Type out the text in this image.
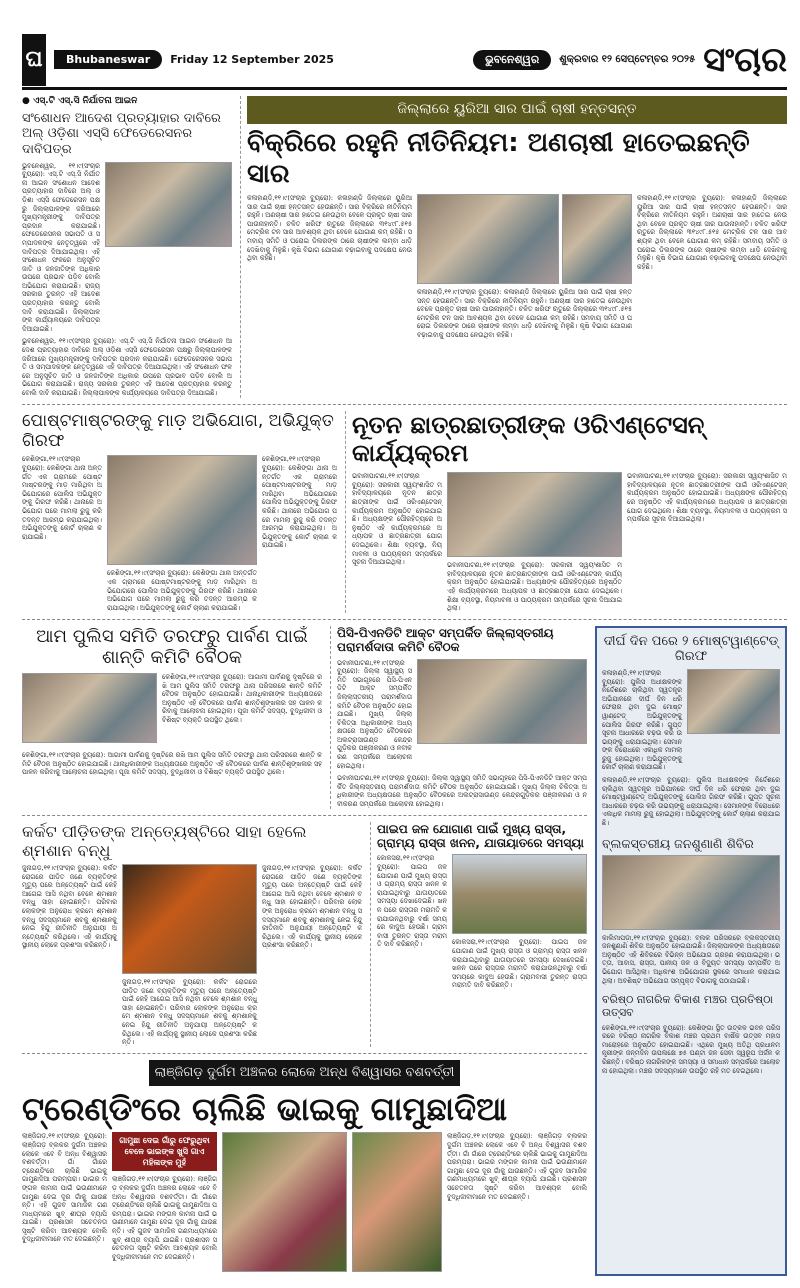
ଘ	Bhubaneswar	Friday 12 September 2025	ଭୁବନେଶ୍ୱର	ଶୁକ୍ରବାର ୧୨ ସେପ୍ଟେମ୍ବର ୨୦୨୫ ସଂଚାର
● ଏସ୍.ଟି ଏସ୍.ସି ନିର୍ଯାତନା ଆଇନ
ସଂଶୋଧନ ଆଦେଶ ପ୍ରତ୍ୟାହାର ଦାବିରେ ଅଲ୍ ଓଡ଼ିଶା ଏସ୍‌ସି ଫେଡେରେସନର ଦାବିପତ୍ର
ଭୁବନେଶ୍ୱର, ୧୧।୯(ସଂଚାର ବ୍ୟୁରୋ): ଏସ୍.ଟି ଏସ୍.ସି ନିର୍ଯାତନା ଆଇନ ସଂଶୋଧନ ଆଦେଶ ପ୍ରତ୍ୟାହାର ଦାବିରେ ଅଲ୍ ଓଡ଼ିଶା ଏସ୍‌ସି ଫେଡେରେସନ ପକ୍ଷରୁ ଜିଲ୍ଲାପାଳଙ୍କ ଜରିଆରେ ମୁଖ୍ୟମନ୍ତ୍ରୀଙ୍କୁ ଦାବିପତ୍ର ପ୍ରଦାନ କରାଯାଇଛି। ଫେଡେରେସନର ସଭାପତି ଓ ସମ୍ପାଦକଙ୍କ ନେତୃତ୍ୱରେ ଏହି ଦାବିପତ୍ର ଦିଆଯାଇଥିଲା। ଏହି ସଂଶୋଧନ ଫଳରେ ଅନୁସୂଚିତ ଜାତି ଓ ଜନଜାତିଙ୍କ ଅଧିକାର ଉପରେ ପ୍ରଭାବ ପଡ଼ିବ ବୋଲି ଅଭିଯୋଗ କରାଯାଇଛି। ରାଜ୍ୟ ସରକାର ତୁରନ୍ତ ଏହି ଆଦେଶ ପ୍ରତ୍ୟାହାର କରନ୍ତୁ ବୋଲି ଦାବି କରାଯାଇଛି। ଜିଲ୍ଲାପାଳଙ୍କ କାର୍ଯ୍ୟାଳୟରେ ଦାବିପତ୍ର ଦିଆଯାଇଛି।
ଭୁବନେଶ୍ୱର, ୧୧।୯(ସଂଚାର ବ୍ୟୁରୋ): ଏସ୍.ଟି ଏସ୍.ସି ନିର୍ଯାତନା ଆଇନ ସଂଶୋଧନ ଆଦେଶ ପ୍ରତ୍ୟାହାର ଦାବିରେ ଅଲ୍ ଓଡ଼ିଶା ଏସ୍‌ସି ଫେଡେରେସନ ପକ୍ଷରୁ ଜିଲ୍ଲାପାଳଙ୍କ ଜରିଆରେ ମୁଖ୍ୟମନ୍ତ୍ରୀଙ୍କୁ ଦାବିପତ୍ର ପ୍ରଦାନ କରାଯାଇଛି। ଫେଡେରେସନର ସଭାପତି ଓ ସମ୍ପାଦକଙ୍କ ନେତୃତ୍ୱରେ ଏହି ଦାବିପତ୍ର ଦିଆଯାଇଥିଲା। ଏହି ସଂଶୋଧନ ଫଳରେ ଅନୁସୂଚିତ ଜାତି ଓ ଜନଜାତିଙ୍କ ଅଧିକାର ଉପରେ ପ୍ରଭାବ ପଡ଼ିବ ବୋଲି ଅଭିଯୋଗ କରାଯାଇଛି। ରାଜ୍ୟ ସରକାର ତୁରନ୍ତ ଏହି ଆଦେଶ ପ୍ରତ୍ୟାହାର କରନ୍ତୁ ବୋଲି ଦାବି କରାଯାଇଛି। ଜିଲ୍ଲାପାଳଙ୍କ କାର୍ଯ୍ୟାଳୟରେ ଦାବିପତ୍ର ଦିଆଯାଇଛି।
ଜିଲ୍ଲାରେ ୟୁରିଆ ସାର ପାଇଁ ଚାଷୀ ହନ୍ତସନ୍ତ
ବିକ୍ରିରେ ରହୁନି ନୀତିନିୟମ: ଅଣଚାଷୀ ହାତେଇଛନ୍ତି ସାର
କଳାହାଣ୍ଡି,୧୧।୯(ସଂଚାର ବ୍ୟୁରୋ): କଳାହାଣ୍ଡି ଜିଲ୍ଲାରେ ୟୁରିଆ ସାର ପାଇଁ ଚାଷୀ ହନ୍ତସନ୍ତ ହେଉଛନ୍ତି। ସାର ବିକ୍ରିରେ ନୀତିନିୟମ ରହୁନି। ଅଣଚାଷୀ ସାର ହାତେଇ ନେଉଥିବା ବେଳେ ପ୍ରକୃତ ଚାଷୀ ସାର ପାଉନାହାନ୍ତି। ଚଳିତ ଖରିଫ ଋତୁରେ ଜିଲ୍ଲାରେ ୩୧୪୯୮.୫୧୫ ମେଟ୍ରିକ ଟନ ସାର ଆବଶ୍ୟକ ଥିବା ବେଳେ ଯୋଗାଣ କମ୍ ରହିଛି। ସମବାୟ ସମିତି ଓ ଘରୋଇ ଡିଲରଙ୍କ ଠାରେ ଚାଷୀଙ୍କ ଲମ୍ବା ଧାଡ଼ି ଦେଖିବାକୁ ମିଳୁଛି। କୃଷି ବିଭାଗ ଯୋଗାଣ ବଢ଼ାଇବାକୁ ପଦକ୍ଷେପ ନେଉଥିବା କହିଛି।
କଳାହାଣ୍ଡି,୧୧।୯(ସଂଚାର ବ୍ୟୁରୋ): କଳାହାଣ୍ଡି ଜିଲ୍ଲାରେ ୟୁରିଆ ସାର ପାଇଁ ଚାଷୀ ହନ୍ତସନ୍ତ ହେଉଛନ୍ତି। ସାର ବିକ୍ରିରେ ନୀତିନିୟମ ରହୁନି। ଅଣଚାଷୀ ସାର ହାତେଇ ନେଉଥିବା ବେଳେ ପ୍ରକୃତ ଚାଷୀ ସାର ପାଉନାହାନ୍ତି। ଚଳିତ ଖରିଫ ଋତୁରେ ଜିଲ୍ଲାରେ ୩୧୪୯୮.୫୧୫ ମେଟ୍ରିକ ଟନ ସାର ଆବଶ୍ୟକ ଥିବା ବେଳେ ଯୋଗାଣ କମ୍ ରହିଛି। ସମବାୟ ସମିତି ଓ ଘରୋଇ ଡିଲରଙ୍କ ଠାରେ ଚାଷୀଙ୍କ ଲମ୍ବା ଧାଡ଼ି ଦେଖିବାକୁ ମିଳୁଛି। କୃଷି ବିଭାଗ ଯୋଗାଣ ବଢ଼ାଇବାକୁ ପଦକ୍ଷେପ ନେଉଥିବା କହିଛି।
କଳାହାଣ୍ଡି,୧୧।୯(ସଂଚାର ବ୍ୟୁରୋ): କଳାହାଣ୍ଡି ଜିଲ୍ଲାରେ ୟୁରିଆ ସାର ପାଇଁ ଚାଷୀ ହନ୍ତସନ୍ତ ହେଉଛନ୍ତି। ସାର ବିକ୍ରିରେ ନୀତିନିୟମ ରହୁନି। ଅଣଚାଷୀ ସାର ହାତେଇ ନେଉଥିବା ବେଳେ ପ୍ରକୃତ ଚାଷୀ ସାର ପାଉନାହାନ୍ତି। ଚଳିତ ଖରିଫ ଋତୁରେ ଜିଲ୍ଲାରେ ୩୧୪୯୮.୫୧୫ ମେଟ୍ରିକ ଟନ ସାର ଆବଶ୍ୟକ ଥିବା ବେଳେ ଯୋଗାଣ କମ୍ ରହିଛି। ସମବାୟ ସମିତି ଓ ଘରୋଇ ଡିଲରଙ୍କ ଠାରେ ଚାଷୀଙ୍କ ଲମ୍ବା ଧାଡ଼ି ଦେଖିବାକୁ ମିଳୁଛି। କୃଷି ବିଭାଗ ଯୋଗାଣ ବଢ଼ାଇବାକୁ ପଦକ୍ଷେପ ନେଉଥିବା କହିଛି।
ପୋଷ୍ଟମାଷ୍ଟରଙ୍କୁ ମାଡ଼ ଅଭିଯୋଗ, ଅଭିଯୁକ୍ତ ଗିରଫ
କେଶିଙ୍ଗା,୧୧।୯(ସଂଚାର ବ୍ୟୁରୋ): କେଶିଙ୍ଗା ଥାନା ଅନ୍ତର୍ଗତ ଏକ ଗ୍ରାମରେ ପୋଷ୍ଟମାଷ୍ଟରଙ୍କୁ ମାଡ଼ ମାରିଥିବା ଅଭିଯୋଗରେ ପୋଲିସ ଅଭିଯୁକ୍ତଙ୍କୁ ଗିରଫ କରିଛି। ଥାନାରେ ଅଭିଯୋଗ ପରେ ମାମଲା ରୁଜୁ କରି ତଦନ୍ତ ଆରମ୍ଭ କରାଯାଇଥିଲା। ଅଭିଯୁକ୍ତଙ୍କୁ କୋର୍ଟ ଚାଲାଣ କରାଯାଇଛି।
କେଶିଙ୍ଗା,୧୧।୯(ସଂଚାର ବ୍ୟୁରୋ): କେଶିଙ୍ଗା ଥାନା ଅନ୍ତର୍ଗତ ଏକ ଗ୍ରାମରେ ପୋଷ୍ଟମାଷ୍ଟରଙ୍କୁ ମାଡ଼ ମାରିଥିବା ଅଭିଯୋଗରେ ପୋଲିସ ଅଭିଯୁକ୍ତଙ୍କୁ ଗିରଫ କରିଛି। ଥାନାରେ ଅଭିଯୋଗ ପରେ ମାମଲା ରୁଜୁ କରି ତଦନ୍ତ ଆରମ୍ଭ କରାଯାଇଥିଲା। ଅଭିଯୁକ୍ତଙ୍କୁ କୋର୍ଟ ଚାଲାଣ କରାଯାଇଛି।
କେଶିଙ୍ଗା,୧୧।୯(ସଂଚାର ବ୍ୟୁରୋ): କେଶିଙ୍ଗା ଥାନା ଅନ୍ତର୍ଗତ ଏକ ଗ୍ରାମରେ ପୋଷ୍ଟମାଷ୍ଟରଙ୍କୁ ମାଡ଼ ମାରିଥିବା ଅଭିଯୋଗରେ ପୋଲିସ ଅଭିଯୁକ୍ତଙ୍କୁ ଗିରଫ କରିଛି। ଥାନାରେ ଅଭିଯୋଗ ପରେ ମାମଲା ରୁଜୁ କରି ତଦନ୍ତ ଆରମ୍ଭ କରାଯାଇଥିଲା। ଅଭିଯୁକ୍ତଙ୍କୁ କୋର୍ଟ ଚାଲାଣ କରାଯାଇଛି।
ନୂତନ ଛାତ୍ରଛାତ୍ରୀଙ୍କ ଓରିଏଣ୍ଟେସନ୍ କାର୍ଯ୍ୟକ୍ରମ
ଭବାନୀପାଟଣା,୧୧।୯(ସଂଚାର ବ୍ୟୁରୋ): ସରକାରୀ ସ୍ୱୟଂଶାସିତ ମହାବିଦ୍ୟାଳୟରେ ନୂତନ ଛାତ୍ରଛାତ୍ରୀଙ୍କ ପାଇଁ ଓରିଏଣ୍ଟେସନ୍ କାର୍ଯ୍ୟକ୍ରମ ଅନୁଷ୍ଠିତ ହୋଇଯାଇଛି। ଅଧ୍ୟକ୍ଷଙ୍କ ପୌରହିତ୍ୟରେ ଅନୁଷ୍ଠିତ ଏହି କାର୍ଯ୍ୟକ୍ରମରେ ଅଧ୍ୟାପକ ଓ ଛାତ୍ରଛାତ୍ରୀ ଯୋଗ ଦେଇଥିଲେ। ଶିକ୍ଷା ବ୍ୟବସ୍ଥା, ନିୟମାବଳୀ ଓ ପାଠ୍ୟକ୍ରମ ସମ୍ପର୍କରେ ସୂଚନା ଦିଆଯାଇଥିଲା।	ଭବାନୀପାଟଣା,୧୧।୯(ସଂଚାର ବ୍ୟୁରୋ): ସରକାରୀ ସ୍ୱୟଂଶାସିତ ମହାବିଦ୍ୟାଳୟରେ ନୂତନ ଛାତ୍ରଛାତ୍ରୀଙ୍କ ପାଇଁ ଓରିଏଣ୍ଟେସନ୍ କାର୍ଯ୍ୟକ୍ରମ ଅନୁଷ୍ଠିତ ହୋଇଯାଇଛି। ଅଧ୍ୟକ୍ଷଙ୍କ ପୌରହିତ୍ୟରେ ଅନୁଷ୍ଠିତ ଏହି କାର୍ଯ୍ୟକ୍ରମରେ ଅଧ୍ୟାପକ ଓ ଛାତ୍ରଛାତ୍ରୀ ଯୋଗ ଦେଇଥିଲେ। ଶିକ୍ଷା ବ୍ୟବସ୍ଥା, ନିୟମାବଳୀ ଓ ପାଠ୍ୟକ୍ରମ ସମ୍ପର୍କରେ ସୂଚନା ଦିଆଯାଇଥିଲା।
ଭବାନୀପାଟଣା,୧୧।୯(ସଂଚାର ବ୍ୟୁରୋ): ସରକାରୀ ସ୍ୱୟଂଶାସିତ ମହାବିଦ୍ୟାଳୟରେ ନୂତନ ଛାତ୍ରଛାତ୍ରୀଙ୍କ ପାଇଁ ଓରିଏଣ୍ଟେସନ୍ କାର୍ଯ୍ୟକ୍ରମ ଅନୁଷ୍ଠିତ ହୋଇଯାଇଛି। ଅଧ୍ୟକ୍ଷଙ୍କ ପୌରହିତ୍ୟରେ ଅନୁଷ୍ଠିତ ଏହି କାର୍ଯ୍ୟକ୍ରମରେ ଅଧ୍ୟାପକ ଓ ଛାତ୍ରଛାତ୍ରୀ ଯୋଗ ଦେଇଥିଲେ। ଶିକ୍ଷା ବ୍ୟବସ୍ଥା, ନିୟମାବଳୀ ଓ ପାଠ୍ୟକ୍ରମ ସମ୍ପର୍କରେ ସୂଚନା ଦିଆଯାଇଥିଲା।
ଆମ ପୁଲିସ ସମିତି ତରଫରୁ ପାର୍ବଣ ପାଇଁ ଶାନ୍ତି କମିଟି ବୈଠକ
କେଶିଙ୍ଗା,୧୧।୯(ସଂଚାର ବ୍ୟୁରୋ): ଆଗାମୀ ପାର୍ବଣକୁ ଦୃଷ୍ଟିରେ ରଖି ଆମ ପୁଲିସ ସମିତି ତରଫରୁ ଥାନା ପରିସରରେ ଶାନ୍ତି କମିଟି ବୈଠକ ଅନୁଷ୍ଠିତ ହୋଇଯାଇଛି। ଥାନାଧିକାରୀଙ୍କ ଅଧ୍ୟକ୍ଷତାରେ ଅନୁଷ୍ଠିତ ଏହି ବୈଠକରେ ପାର୍ବଣ ଶାନ୍ତିଶୃଙ୍ଖଳାର ସହ ପାଳନ କରିବାକୁ ଆଲୋଚନା ହୋଇଥିଲା। ପୂଜା କମିଟି ସଦସ୍ୟ, ବୁଦ୍ଧିଜୀବୀ ଓ ବିଶିଷ୍ଟ ବ୍ୟକ୍ତି ଉପସ୍ଥିତ ଥିଲେ।
କେଶିଙ୍ଗା,୧୧।୯(ସଂଚାର ବ୍ୟୁରୋ): ଆଗାମୀ ପାର୍ବଣକୁ ଦୃଷ୍ଟିରେ ରଖି ଆମ ପୁଲିସ ସମିତି ତରଫରୁ ଥାନା ପରିସରରେ ଶାନ୍ତି କମିଟି ବୈଠକ ଅନୁଷ୍ଠିତ ହୋଇଯାଇଛି। ଥାନାଧିକାରୀଙ୍କ ଅଧ୍ୟକ୍ଷତାରେ ଅନୁଷ୍ଠିତ ଏହି ବୈଠକରେ ପାର୍ବଣ ଶାନ୍ତିଶୃଙ୍ଖଳାର ସହ ପାଳନ କରିବାକୁ ଆଲୋଚନା ହୋଇଥିଲା। ପୂଜା କମିଟି ସଦସ୍ୟ, ବୁଦ୍ଧିଜୀବୀ ଓ ବିଶିଷ୍ଟ ବ୍ୟକ୍ତି ଉପସ୍ଥିତ ଥିଲେ।
ପିସି-ପିଏନଡିଟି ଆକ୍ଟ ସମ୍ପର୍କିତ ଜିଲ୍ଲାସ୍ତରୀୟ ପରାମର୍ଶଦାତା କମିଟି ବୈଠକ
ଭବାନୀପାଟଣା,୧୧।୯(ସଂଚାର ବ୍ୟୁରୋ): ଜିଲ୍ଲା ସ୍ୱାସ୍ଥ୍ୟ ସମିତି ସଭାଗୃହରେ ପିସି-ପିଏନଡିଟି ଆକ୍ଟ ସମ୍ପର୍କିତ ଜିଲ୍ଲାସ୍ତରୀୟ ପରାମର୍ଶଦାତା କମିଟି ବୈଠକ ଅନୁଷ୍ଠିତ ହୋଇଯାଇଛି। ମୁଖ୍ୟ ଜିଲ୍ଲା ଚିକିତ୍ସା ଅଧିକାରୀଙ୍କ ଅଧ୍ୟକ୍ଷତାରେ ଅନୁଷ୍ଠିତ ବୈଠକରେ ଅଲଟ୍ରାସାଉଣ୍ଡ କେନ୍ଦ୍ରଗୁଡ଼ିକର ପଞ୍ଜୀକରଣ ଓ ନବୀକରଣ ସମ୍ପର୍କରେ ଆଲୋଚନା ହୋଇଥିଲା।
ଭବାନୀପାଟଣା,୧୧।୯(ସଂଚାର ବ୍ୟୁରୋ): ଜିଲ୍ଲା ସ୍ୱାସ୍ଥ୍ୟ ସମିତି ସଭାଗୃହରେ ପିସି-ପିଏନଡିଟି ଆକ୍ଟ ସମ୍ପର୍କିତ ଜିଲ୍ଲାସ୍ତରୀୟ ପରାମର୍ଶଦାତା କମିଟି ବୈଠକ ଅନୁଷ୍ଠିତ ହୋଇଯାଇଛି। ମୁଖ୍ୟ ଜିଲ୍ଲା ଚିକିତ୍ସା ଅଧିକାରୀଙ୍କ ଅଧ୍ୟକ୍ଷତାରେ ଅନୁଷ୍ଠିତ ବୈଠକରେ ଅଲଟ୍ରାସାଉଣ୍ଡ କେନ୍ଦ୍ରଗୁଡ଼ିକର ପଞ୍ଜୀକରଣ ଓ ନବୀକରଣ ସମ୍ପର୍କରେ ଆଲୋଚନା ହୋଇଥିଲା।
କର୍କଟ ପୀଡ଼ିତଙ୍କ ଅନ୍ତ୍ୟେଷ୍ଟିରେ ସାହା ହେଲେ ଶ୍ମଶାନ ବନ୍ଧୁ
ଜୁନାଗଡ଼,୧୧।୯(ସଂଚାର ବ୍ୟୁରୋ): କର୍କଟ ରୋଗରେ ପୀଡ଼ିତ ଜଣେ ବ୍ୟକ୍ତିଙ୍କ ମୃତ୍ୟୁ ପରେ ଅନ୍ତ୍ୟେଷ୍ଟି ପାଇଁ କେହି ଆଗେଇ ଆସି ନଥିବା ବେଳେ ଶ୍ମଶାନ ବନ୍ଧୁ ସାହା ହୋଇଛନ୍ତି। ପରିବାର ଲୋକଙ୍କ ଅନୁରୋଧ କ୍ରମେ ଶ୍ମଶାନ ବନ୍ଧୁ ସଦସ୍ୟମାନେ ଶବକୁ ଶ୍ମଶାନକୁ ନେଇ ହିନ୍ଦୁ ରୀତିନୀତି ଅନୁଯାୟୀ ଅନ୍ତ୍ୟେଷ୍ଟି କରିଥିଲେ। ଏହି କାର୍ଯ୍ୟକୁ ସ୍ଥାନୀୟ ଲୋକେ ପ୍ରଶଂସା କରିଛନ୍ତି।
ଜୁନାଗଡ଼,୧୧।୯(ସଂଚାର ବ୍ୟୁରୋ): କର୍କଟ ରୋଗରେ ପୀଡ଼ିତ ଜଣେ ବ୍ୟକ୍ତିଙ୍କ ମୃତ୍ୟୁ ପରେ ଅନ୍ତ୍ୟେଷ୍ଟି ପାଇଁ କେହି ଆଗେଇ ଆସି ନଥିବା ବେଳେ ଶ୍ମଶାନ ବନ୍ଧୁ ସାହା ହୋଇଛନ୍ତି। ପରିବାର ଲୋକଙ୍କ ଅନୁରୋଧ କ୍ରମେ ଶ୍ମଶାନ ବନ୍ଧୁ ସଦସ୍ୟମାନେ ଶବକୁ ଶ୍ମଶାନକୁ ନେଇ ହିନ୍ଦୁ ରୀତିନୀତି ଅନୁଯାୟୀ ଅନ୍ତ୍ୟେଷ୍ଟି କରିଥିଲେ। ଏହି କାର୍ଯ୍ୟକୁ ସ୍ଥାନୀୟ ଲୋକେ ପ୍ରଶଂସା କରିଛନ୍ତି।
ଜୁନାଗଡ଼,୧୧।୯(ସଂଚାର ବ୍ୟୁରୋ): କର୍କଟ ରୋଗରେ ପୀଡ଼ିତ ଜଣେ ବ୍ୟକ୍ତିଙ୍କ ମୃତ୍ୟୁ ପରେ ଅନ୍ତ୍ୟେଷ୍ଟି ପାଇଁ କେହି ଆଗେଇ ଆସି ନଥିବା ବେଳେ ଶ୍ମଶାନ ବନ୍ଧୁ ସାହା ହୋଇଛନ୍ତି। ପରିବାର ଲୋକଙ୍କ ଅନୁରୋଧ କ୍ରମେ ଶ୍ମଶାନ ବନ୍ଧୁ ସଦସ୍ୟମାନେ ଶବକୁ ଶ୍ମଶାନକୁ ନେଇ ହିନ୍ଦୁ ରୀତିନୀତି ଅନୁଯାୟୀ ଅନ୍ତ୍ୟେଷ୍ଟି କରିଥିଲେ। ଏହି କାର୍ଯ୍ୟକୁ ସ୍ଥାନୀୟ ଲୋକେ ପ୍ରଶଂସା କରିଛନ୍ତି।
ପାଇପ ଜଳ ଯୋଗାଣ ପାଇଁ ମୁଖ୍ୟ ରାସ୍ତା, ଗ୍ରାମ୍ୟ ରାସ୍ତା ଖନନ, ଯାତାୟାତରେ ସମସ୍ୟା
କୋକସରା,୧୧।୯(ସଂଚାର ବ୍ୟୁରୋ): ପାଇପ ଜଳ ଯୋଗାଣ ପାଇଁ ମୁଖ୍ୟ ରାସ୍ତା ଓ ଗ୍ରାମ୍ୟ ରାସ୍ତା ଖନନ କରାଯାଇଥିବାରୁ ଯାତାୟାତରେ ସମସ୍ୟା ଦେଖାଦେଇଛି। ଖନନ ପରେ ରାସ୍ତାର ମରାମତି କରାଯାଉନଥିବାରୁ ବର୍ଷା ସମୟରେ କାଦୁଅ ହେଉଛି। ଗ୍ରାମବାସୀ ତୁରନ୍ତ ରାସ୍ତା ମରାମତି ଦାବି କରିଛନ୍ତି।	କୋକସରା,୧୧।୯(ସଂଚାର ବ୍ୟୁରୋ): ପାଇପ ଜଳ ଯୋଗାଣ ପାଇଁ ମୁଖ୍ୟ ରାସ୍ତା ଓ ଗ୍ରାମ୍ୟ ରାସ୍ତା ଖନନ କରାଯାଇଥିବାରୁ ଯାତାୟାତରେ ସମସ୍ୟା ଦେଖାଦେଇଛି। ଖନନ ପରେ ରାସ୍ତାର ମରାମତି କରାଯାଉନଥିବାରୁ ବର୍ଷା ସମୟରେ କାଦୁଅ ହେଉଛି। ଗ୍ରାମବାସୀ ତୁରନ୍ତ ରାସ୍ତା ମରାମତି ଦାବି କରିଛନ୍ତି।
ଲାଞ୍ଜିଗଡ଼ ଦୁର୍ଗମ ଅଞ୍ଚଳର ଲୋକେ ଅନ୍ଧ ବିଶ୍ୱାସର ବଶବର୍ତ୍ତୀ
ଟ୍ରେଣ୍ଡିଂରେ ଚାଲିଛି ଭାଇକୁ ଗାମୁଛାଦିଆ
ଲାଞ୍ଜିଗଡ଼,୧୧।୯(ସଂଚାର ବ୍ୟୁରୋ): ଲାଞ୍ଜିଗଡ଼ ବ୍ଲକର ଦୁର୍ଗମ ଅଞ୍ଚଳର ଲୋକେ ଏବେ ବି ଅନ୍ଧ ବିଶ୍ୱାସର ବଶବର୍ତ୍ତୀ। ଗାଁ ଗାଁରେ ଟ୍ରେଣ୍ଡିଂରେ ଚାଲିଛି ଭାଇକୁ ଗାମୁଛାଦିଆ ପରମ୍ପରା। ଭାଇର ମଙ୍ଗଳ କାମନା ପାଇଁ ଭଉଣୀମାନେ ଗାମୁଛା ଦେଇ ଦୂର ଗାଁକୁ ଯାଉଛନ୍ତି। ଏହି ଗୁଜବ ସାମାଜିକ ଗଣମାଧ୍ୟମରେ ଖୁବ୍ ଶୀଘ୍ର ବ୍ୟାପି ଯାଇଛି। ପ୍ରଶାସନ ସଚେତନତା ସୃଷ୍ଟି କରିବା ଆବଶ୍ୟକ ବୋଲି ବୁଦ୍ଧିଜୀବୀମାନେ ମତ ଦେଇଛନ୍ତି।
ଗାମୁଛା ଦେଇ ଗାଁରୁ ଫେରୁଥିବା ବେଳେ ଭାଇଙ୍କ ଖୁସି ଗାଏ ମହିଳାଙ୍କ ମୁହଁ
ଲାଞ୍ଜିଗଡ଼,୧୧।୯(ସଂଚାର ବ୍ୟୁରୋ): ଲାଞ୍ଜିଗଡ଼ ବ୍ଲକର ଦୁର୍ଗମ ଅଞ୍ଚଳର ଲୋକେ ଏବେ ବି ଅନ୍ଧ ବିଶ୍ୱାସର ବଶବର୍ତ୍ତୀ। ଗାଁ ଗାଁରେ ଟ୍ରେଣ୍ଡିଂରେ ଚାଲିଛି ଭାଇକୁ ଗାମୁଛାଦିଆ ପରମ୍ପରା। ଭାଇର ମଙ୍ଗଳ କାମନା ପାଇଁ ଭଉଣୀମାନେ ଗାମୁଛା ଦେଇ ଦୂର ଗାଁକୁ ଯାଉଛନ୍ତି। ଏହି ଗୁଜବ ସାମାଜିକ ଗଣମାଧ୍ୟମରେ ଖୁବ୍ ଶୀଘ୍ର ବ୍ୟାପି ଯାଇଛି। ପ୍ରଶାସନ ସଚେତନତା ସୃଷ୍ଟି କରିବା ଆବଶ୍ୟକ ବୋଲି ବୁଦ୍ଧିଜୀବୀମାନେ ମତ ଦେଇଛନ୍ତି।
ଲାଞ୍ଜିଗଡ଼,୧୧।୯(ସଂଚାର ବ୍ୟୁରୋ): ଲାଞ୍ଜିଗଡ଼ ବ୍ଲକର ଦୁର୍ଗମ ଅଞ୍ଚଳର ଲୋକେ ଏବେ ବି ଅନ୍ଧ ବିଶ୍ୱାସର ବଶବର୍ତ୍ତୀ। ଗାଁ ଗାଁରେ ଟ୍ରେଣ୍ଡିଂରେ ଚାଲିଛି ଭାଇକୁ ଗାମୁଛାଦିଆ ପରମ୍ପରା। ଭାଇର ମଙ୍ଗଳ କାମନା ପାଇଁ ଭଉଣୀମାନେ ଗାମୁଛା ଦେଇ ଦୂର ଗାଁକୁ ଯାଉଛନ୍ତି। ଏହି ଗୁଜବ ସାମାଜିକ ଗଣମାଧ୍ୟମରେ ଖୁବ୍ ଶୀଘ୍ର ବ୍ୟାପି ଯାଇଛି। ପ୍ରଶାସନ ସଚେତନତା ସୃଷ୍ଟି କରିବା ଆବଶ୍ୟକ ବୋଲି ବୁଦ୍ଧିଜୀବୀମାନେ ମତ ଦେଇଛନ୍ତି।
ଦୀର୍ଘ ଦିନ ପରେ ୨ ମୋଷ୍ଟୱାଣ୍ଟେଡ୍ ଗିରଫ
କଳାହାଣ୍ଡି,୧୧।୯(ସଂଚାର ବ୍ୟୁରୋ): ପୁଲିସ ଅଧୀକ୍ଷକଙ୍କ ନିର୍ଦ୍ଦେଶରେ ଚାଲିଥିବା ସ୍ୱତନ୍ତ୍ର ଅଭିଯାନରେ ଦୀର୍ଘ ଦିନ ଧରି ଫେରାର ଥିବା ଦୁଇ ମୋଷ୍ଟୱାଣ୍ଟେଡ୍ ଅଭିଯୁକ୍ତଙ୍କୁ ପୋଲିସ ଗିରଫ କରିଛି। ଗୁପ୍ତ ସୂଚନା ଆଧାରରେ ଚଢ଼ଉ କରି ଉଭୟଙ୍କୁ ଧରାଯାଇଥିଲା। ସେମାନଙ୍କ ବିରୋଧରେ ଏକାଧିକ ମାମଲା ରୁଜୁ ହୋଇଥିଲା। ଅଭିଯୁକ୍ତଙ୍କୁ କୋର୍ଟ ଚାଲାଣ କରାଯାଇଛି।
କଳାହାଣ୍ଡି,୧୧।୯(ସଂଚାର ବ୍ୟୁରୋ): ପୁଲିସ ଅଧୀକ୍ଷକଙ୍କ ନିର୍ଦ୍ଦେଶରେ ଚାଲିଥିବା ସ୍ୱତନ୍ତ୍ର ଅଭିଯାନରେ ଦୀର୍ଘ ଦିନ ଧରି ଫେରାର ଥିବା ଦୁଇ ମୋଷ୍ଟୱାଣ୍ଟେଡ୍ ଅଭିଯୁକ୍ତଙ୍କୁ ପୋଲିସ ଗିରଫ କରିଛି। ଗୁପ୍ତ ସୂଚନା ଆଧାରରେ ଚଢ଼ଉ କରି ଉଭୟଙ୍କୁ ଧରାଯାଇଥିଲା। ସେମାନଙ୍କ ବିରୋଧରେ ଏକାଧିକ ମାମଲା ରୁଜୁ ହୋଇଥିଲା। ଅଭିଯୁକ୍ତଙ୍କୁ କୋର୍ଟ ଚାଲାଣ କରାଯାଇଛି।
ବ୍ଲକସ୍ତରୀୟ ଜନଶୁଣାଣି ଶିବିର
କାଲିମାପଡ଼ା,୧୧।୯(ସଂଚାର ବ୍ୟୁରୋ): ବ୍ଲକ ପରିସରରେ ବ୍ଲକସ୍ତରୀୟ ଜନଶୁଣାଣି ଶିବିର ଅନୁଷ୍ଠିତ ହୋଇଯାଇଛି। ଜିଲ୍ଲାପାଳଙ୍କ ଅଧ୍ୟକ୍ଷତାରେ ଅନୁଷ୍ଠିତ ଏହି ଶିବିରରେ ବିଭିନ୍ନ ଅଭିଯୋଗ ଗ୍ରହଣ କରାଯାଇଥିଲା। ଭତ୍ତା, ଆବାସ, ରାସ୍ତା, ପାନୀୟ ଜଳ ଓ ବିଦ୍ୟୁତ ସମସ୍ୟା ସମ୍ପର୍କିତ ଅଭିଯୋଗ ଆସିଥିଲା। ଅଧିକାଂଶ ଅଭିଯୋଗର ସ୍ଥଳରେ ସମାଧାନ କରାଯାଇଥିଲା। ଅବଶିଷ୍ଟ ଅଭିଯୋଗ ସମ୍ପୃକ୍ତ ବିଭାଗକୁ ପଠାଯାଇଛି।
ବରିଷ୍ଠ ନାଗରିକ ବିକାଶ ମଞ୍ଚର ପ୍ରତିଷ୍ଠା ଉତ୍ସବ
କେଶିଙ୍ଗା,୧୧।୯(ସଂଚାର ବ୍ୟୁରୋ): କେଶିଙ୍ଗା ସ୍ଥିତ ଉତ୍କଳ ଭବନ ପରିସରରେ ବରିଷ୍ଠ ନାଗରିକ ବିକାଶ ମଞ୍ଚର ପ୍ରଥମ ବାର୍ଷିକ ଉତ୍ସବ ମହାସମାରୋହରେ ଅନୁଷ୍ଠିତ ହୋଇଯାଇଛି। ଏଥିରେ ମୁଖ୍ୟ ଅତିଥି ପ୍ରଧାନମନ୍ତ୍ରୀଙ୍କ ଜନ୍ମଦିନ ଉପଲକ୍ଷେ ୭୫ ଘଣ୍ଟା ଜନ ସେବା ସ୍ୱରୂପ ଅର୍ଜନ କରିଛନ୍ତି। ବରିଷ୍ଠ ନାଗରିକଙ୍କ ସମସ୍ୟା ଓ ସମାଧାନ ସମ୍ପର୍କରେ ଆଲୋଚନା ହୋଇଥିଲା। ମଞ୍ଚର ସଦସ୍ୟମାନେ ଉପସ୍ଥିତ ରହି ମତ ଦେଇଥିଲେ।
